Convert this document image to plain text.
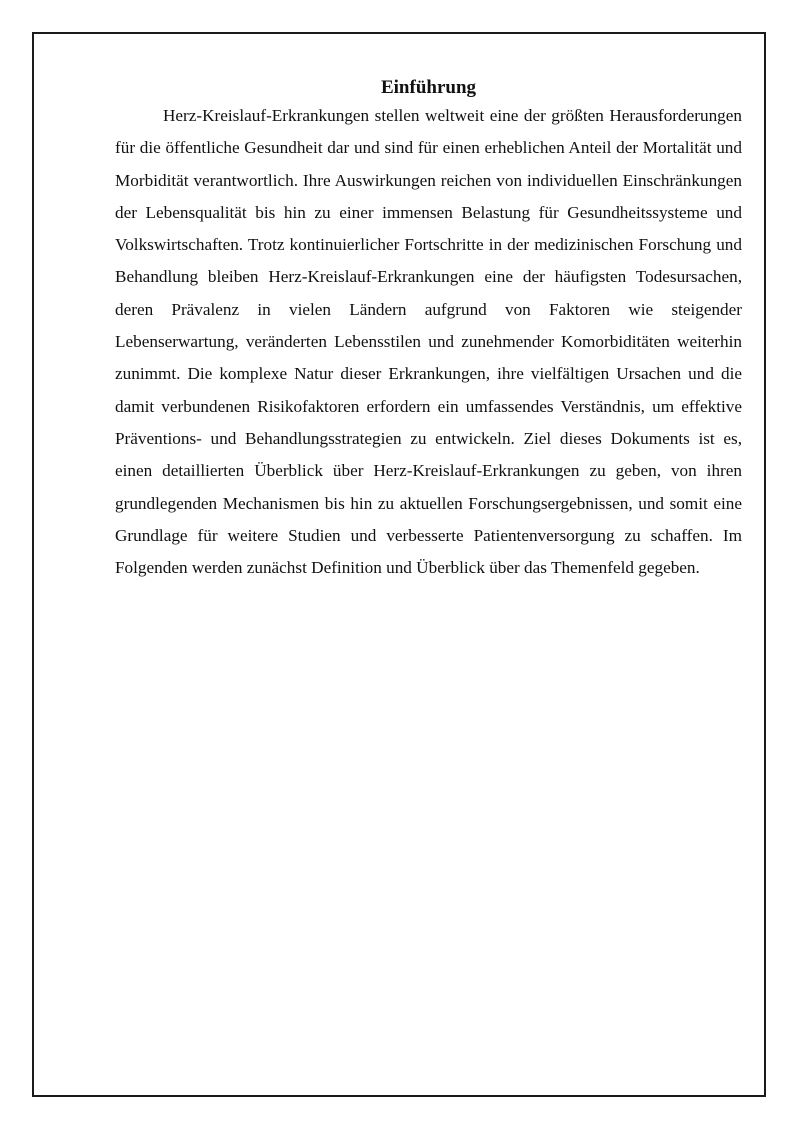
Einführung

Herz-Kreislauf-Erkrankungen stellen weltweit eine der größten Herausforderungen für die öffentliche Gesundheit dar und sind für einen erheblichen Anteil der Mortalität und Morbidität verantwortlich. Ihre Auswirkungen reichen von individuellen Einschränkungen der Lebensqualität bis hin zu einer immensen Belastung für Gesundheitssysteme und Volkswirtschaften. Trotz kontinuierlicher Fortschritte in der medizinischen Forschung und Behandlung bleiben Herz-Kreislauf-Erkrankungen eine der häufigsten Todesursachen, deren Prävalenz in vielen Ländern aufgrund von Faktoren wie steigender Lebenserwartung, veränderten Lebensstilen und zunehmender Komorbiditäten weiterhin zunimmt. Die komplexe Natur dieser Erkrankungen, ihre vielfältigen Ursachen und die damit verbundenen Risikofaktoren erfordern ein umfassendes Verständnis, um effektive Präventions- und Behandlungsstrategien zu entwickeln. Ziel dieses Dokuments ist es, einen detaillierten Überblick über Herz-Kreislauf-Erkrankungen zu geben, von ihren grundlegenden Mechanismen bis hin zu aktuellen Forschungsergebnissen, und somit eine Grundlage für weitere Studien und verbesserte Patientenversorgung zu schaffen. Im Folgenden werden zunächst Definition und Überblick über das Themenfeld gegeben.
